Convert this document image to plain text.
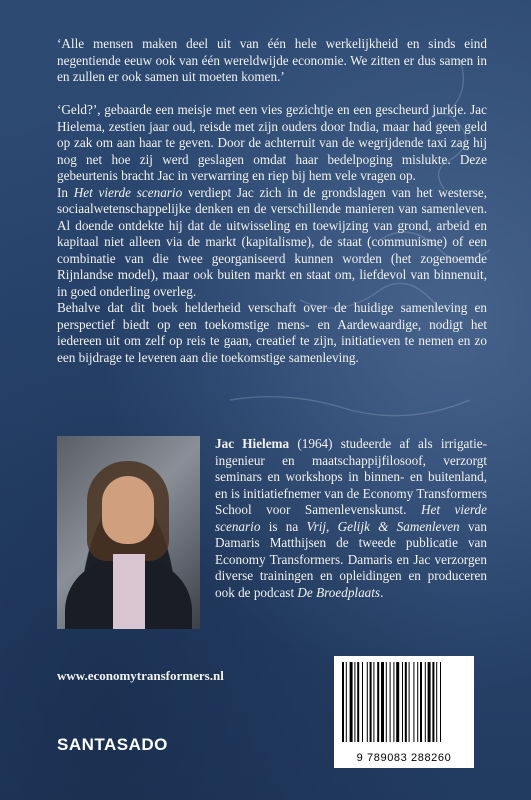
‘Alle mensen maken deel uit van één hele werkelijkheid en sinds eind negentiende eeuw ook van één wereldwijde economie. We zitten er dus samen in en zullen er ook samen uit moeten komen.’

‘Geld?’, gebaarde een meisje met een vies gezichtje en een gescheurd jurkje. Jac Hielema, zestien jaar oud, reisde met zijn ouders door India, maar had geen geld op zak om aan haar te geven. Door de achterruit van de wegrijdende taxi zag hij nog net hoe zij werd geslagen omdat haar bedelpoging mislukte. Deze gebeurtenis bracht Jac in verwarring en riep bij hem vele vragen op.

In Het vierde scenario verdiept Jac zich in de grondslagen van het westerse, sociaalwetenschappelijke denken en de verschillende manieren van samenleven. Al doende ontdekte hij dat de uitwisseling en toewijzing van grond, arbeid en kapitaal niet alleen via de markt (kapitalisme), de staat (communisme) of een combinatie van die twee georganiseerd kunnen worden (het zogenoemde Rijnlandse model), maar ook buiten markt en staat om, liefdevol van binnenuit, in goed onderling overleg.

Behalve dat dit boek helderheid verschaft over de huidige samenleving en perspectief biedt op een toekomstige mens- en Aardewaardige, nodigt het iedereen uit om zelf op reis te gaan, creatief te zijn, initiatieven te nemen en zo een bijdrage te leveren aan die toekomstige samenleving.

Jac Hielema (1964) studeerde af als irrigatie-ingenieur en maatschappijfilosoof, verzorgt seminars en workshops in binnen- en buitenland, en is initiatiefnemer van de Economy Transformers School voor Samenlevenskunst. Het vierde scenario is na Vrij, Gelijk & Samenleven van Damaris Matthijsen de tweede publicatie van Economy Transformers. Damaris en Jac verzorgen diverse trainingen en opleidingen en produceren ook de podcast De Broedplaats.
www.economytransformers.nl
SANTASADO
9 789083 288260
